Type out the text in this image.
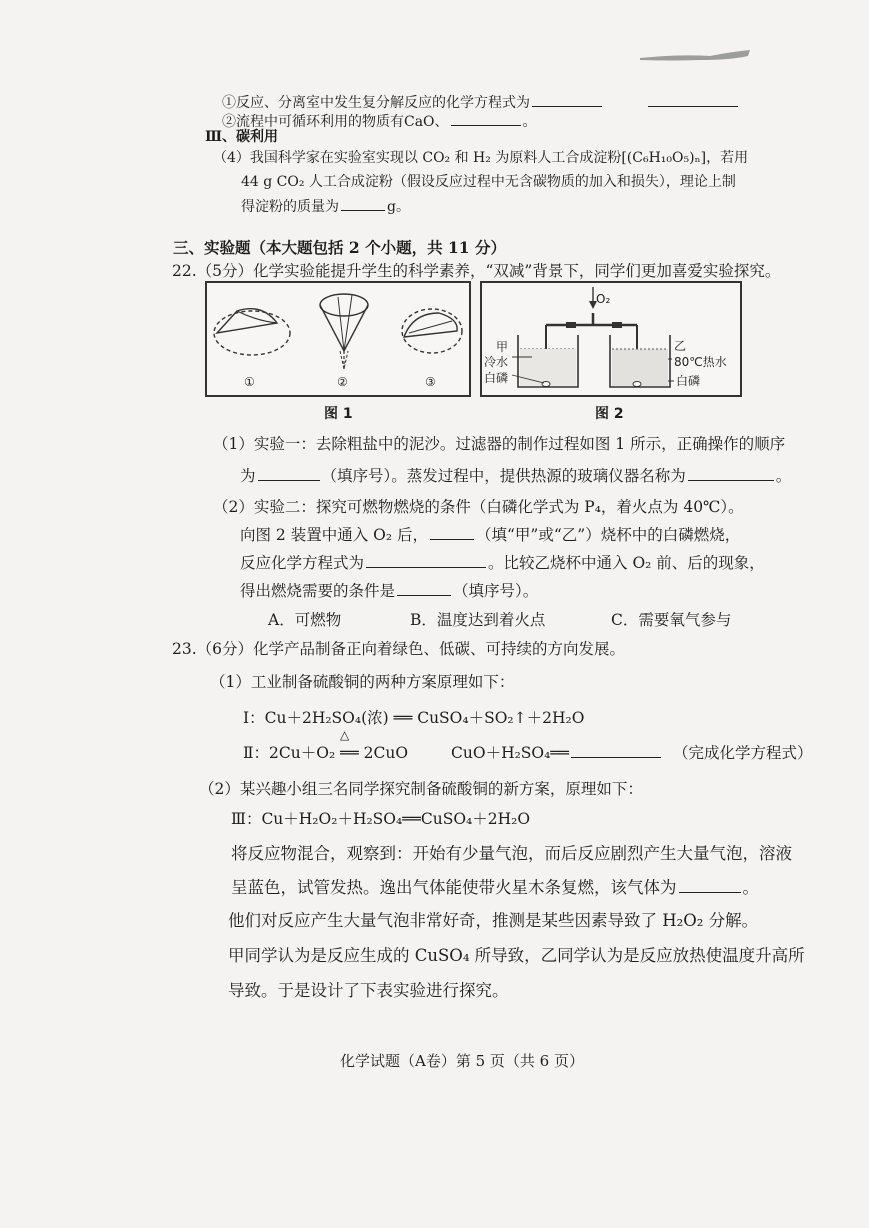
①反应、分离室中发生复分解反应的化学方程式为
②流程中可循环利用的物质有CaO、	。
Ⅲ、碳利用
（4）我国科学家在实验室实现以 CO₂ 和 H₂ 为原料人工合成淀粉[(C₆H₁₀O₅)ₙ]，若用
44 g CO₂ 人工合成淀粉（假设反应过程中无含碳物质的加入和损失），理论上制
得淀粉的质量为	g。
三、实验题（本大题包括 2 个小题，共 11 分）
22.（5分）化学实验能提升学生的科学素养，“双减”背景下，同学们更加喜爱实验探究。
①	②	③
图 1
O₂
甲
冷水
白磷
乙
80℃热水
白磷
图 2
（1）实验一：去除粗盐中的泥沙。过滤器的制作过程如图 1 所示，正确操作的顺序
为	（填序号）。蒸发过程中，提供热源的玻璃仪器名称为	。
（2）实验二：探究可燃物燃烧的条件（白磷化学式为 P₄，着火点为 40℃）。
向图 2 装置中通入 O₂ 后，	（填“甲”或“乙”）烧杯中的白磷燃烧，
反应化学方程式为	。比较乙烧杯中通入 O₂ 前、后的现象，
得出燃烧需要的条件是	（填序号）。
A．可燃物	B．温度达到着火点	C．需要氧气参与
23.（6分）化学产品制备正向着绿色、低碳、可持续的方向发展。
（1）工业制备硫酸铜的两种方案原理如下：
Ⅰ：Cu＋2H₂SO₄(浓) ══ CuSO₄＋SO₂↑＋2H₂O
Ⅱ：2Cu＋O₂ ══ 2CuO	CuO＋H₂SO₄══	（完成化学方程式）
△
（2）某兴趣小组三名同学探究制备硫酸铜的新方案，原理如下：
Ⅲ：Cu＋H₂O₂＋H₂SO₄══CuSO₄＋2H₂O
将反应物混合，观察到：开始有少量气泡，而后反应剧烈产生大量气泡，溶液
呈蓝色，试管发热。逸出气体能使带火星木条复燃，该气体为	。
他们对反应产生大量气泡非常好奇，推测是某些因素导致了 H₂O₂ 分解。
甲同学认为是反应生成的 CuSO₄ 所导致，乙同学认为是反应放热使温度升高所
导致。于是设计了下表实验进行探究。
化学试题（A卷）第 5 页（共 6 页）
